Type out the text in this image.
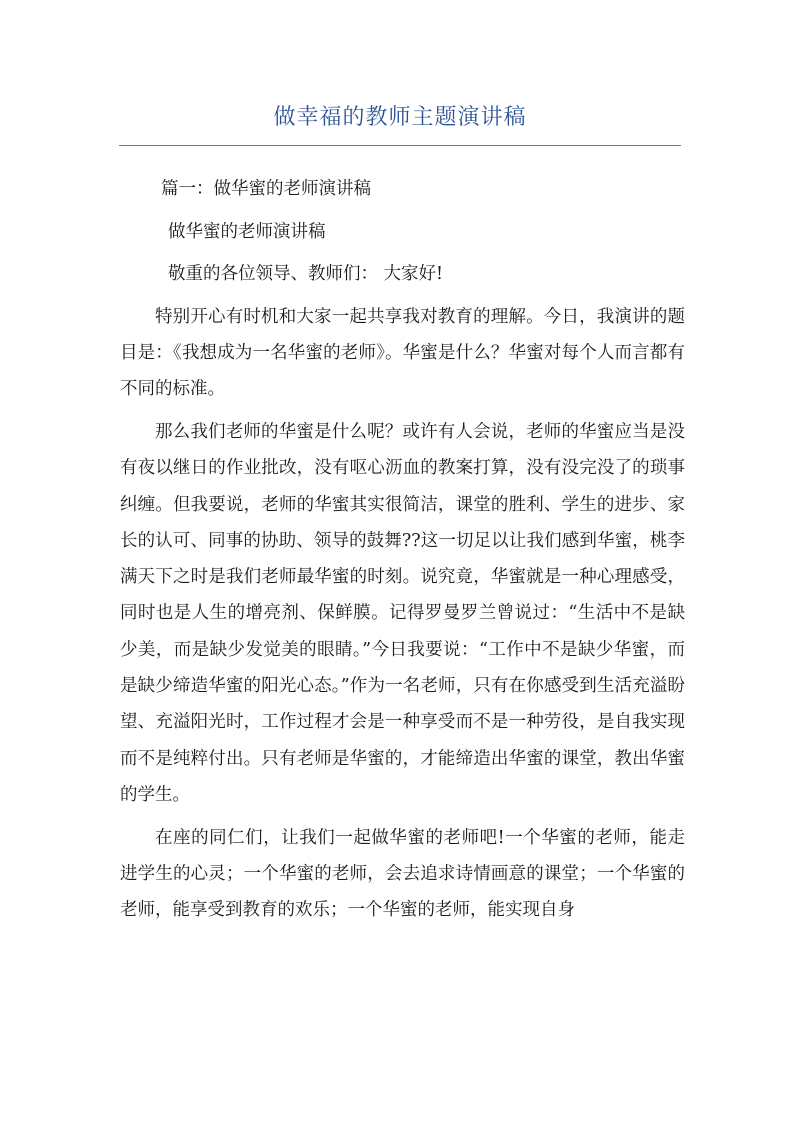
做幸福的教师主题演讲稿

篇一：做华蜜的老师演讲稿

做华蜜的老师演讲稿

敬重的各位领导、教师们： 大家好!

特别开心有时机和大家一起共享我对教育的理解。今日，我演讲的题目是：《我想成为一名华蜜的老师》。华蜜是什么？华蜜对每个人而言都有不同的标准。

那么我们老师的华蜜是什么呢？或许有人会说，老师的华蜜应当是没有夜以继日的作业批改，没有呕心沥血的教案打算，没有没完没了的琐事纠缠。但我要说，老师的华蜜其实很简洁，课堂的胜利、学生的进步、家长的认可、同事的协助、领导的鼓舞??这一切足以让我们感到华蜜，桃李满天下之时是我们老师最华蜜的时刻。说究竟，华蜜就是一种心理感受，同时也是人生的增亮剂、保鲜膜。记得罗曼罗兰曾说过：“生活中不是缺少美，而是缺少发觉美的眼睛。”今日我要说：“工作中不是缺少华蜜，而是缺少缔造华蜜的阳光心态。”作为一名老师，只有在你感受到生活充溢盼望、充溢阳光时，工作过程才会是一种享受而不是一种劳役，是自我实现而不是纯粹付出。只有老师是华蜜的，才能缔造出华蜜的课堂，教出华蜜的学生。

在座的同仁们，让我们一起做华蜜的老师吧!一个华蜜的老师，能走进学生的心灵；一个华蜜的老师，会去追求诗情画意的课堂；一个华蜜的老师，能享受到教育的欢乐；一个华蜜的老师，能实现自身
